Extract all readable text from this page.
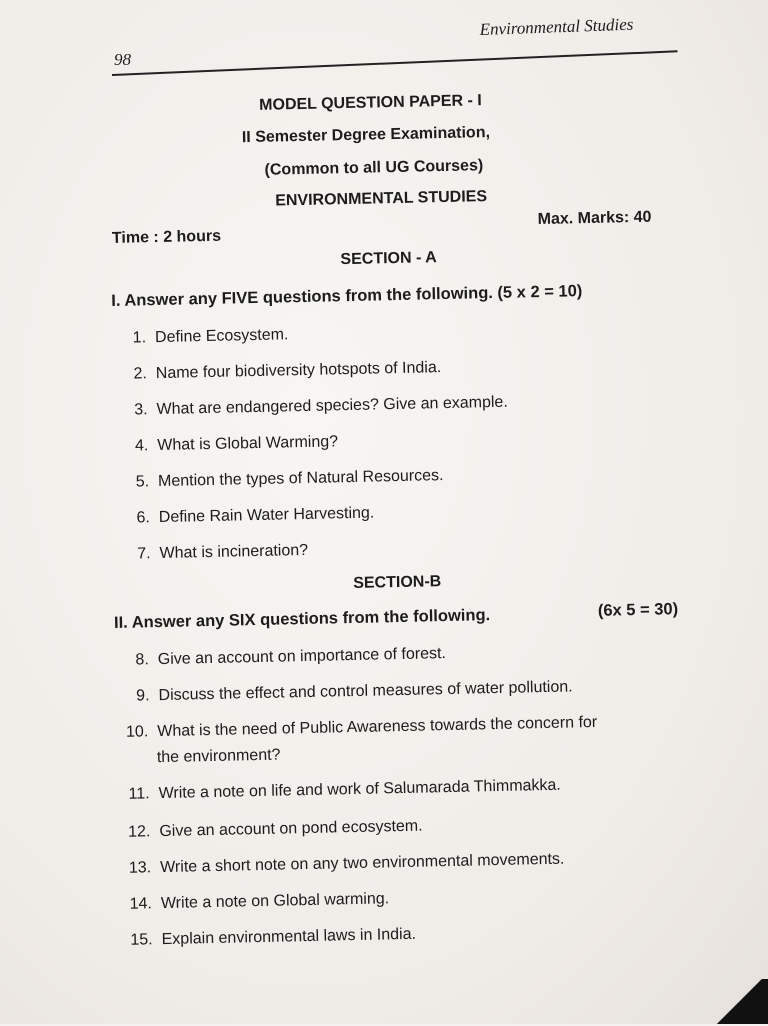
98
Environmental Studies
MODEL QUESTION PAPER - I
II Semester Degree Examination,
(Common to all UG Courses)
ENVIRONMENTAL STUDIES
Time : 2 hours
Max. Marks: 40
SECTION - A
I. Answer any FIVE questions from the following. (5 x 2 = 10)
1. Define Ecosystem.
2. Name four biodiversity hotspots of India.
3. What are endangered species? Give an example.
4. What is Global Warming?
5. Mention the types of Natural Resources.
6. Define Rain Water Harvesting.
7. What is incineration?
SECTION-B
II. Answer any SIX questions from the following.	(6x 5 = 30)
8. Give an account on importance of forest.
9. Discuss the effect and control measures of water pollution.
10. What is the need of Public Awareness towards the concern for
the environment?
11. Write a note on life and work of Salumarada Thimmakka.
12. Give an account on pond ecosystem.
13. Write a short note on any two environmental movements.
14. Write a note on Global warming.
15. Explain environmental laws in India.
